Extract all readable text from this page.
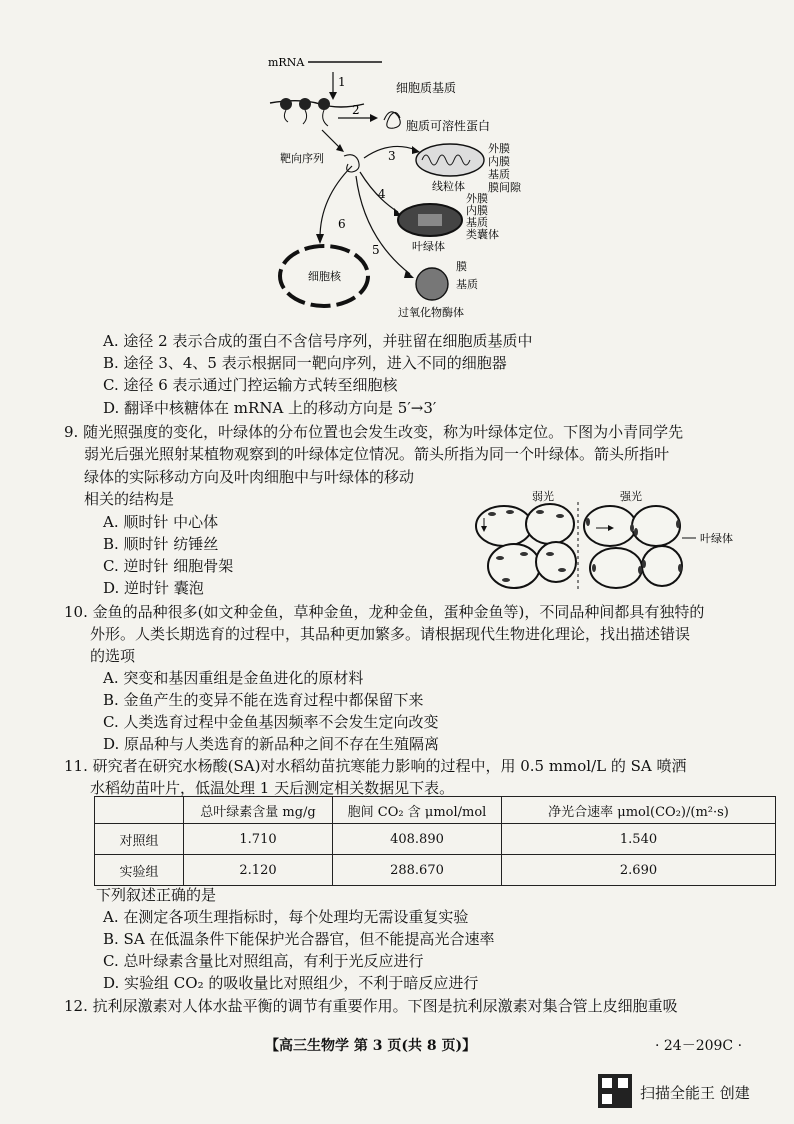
mRNA
1	细胞质基质
2
胞质可溶性蛋白
靶向序列	3
线粒体
外膜
内膜
基质
膜间隙
4
叶绿体
外膜
内膜
基质
类囊体
5
膜
基质
过氧化物酶体
6
细胞核
A. 途径 2 表示合成的蛋白不含信号序列，并驻留在细胞质基质中
B. 途径 3、4、5 表示根据同一靶向序列，进入不同的细胞器
C. 途径 6 表示通过门控运输方式转至细胞核
D. 翻译中核糖体在 mRNA 上的移动方向是 5′→3′
9. 随光照强度的变化，叶绿体的分布位置也会发生改变，称为叶绿体定位。下图为小青同学先
弱光后强光照射某植物观察到的叶绿体定位情况。箭头所指为同一个叶绿体。箭头所指叶
绿体的实际移动方向及叶肉细胞中与叶绿体的移动
相关的结构是
A. 顺时针 中心体
B. 顺时针 纺锤丝
C. 逆时针 细胞骨架
D. 逆时针 囊泡
弱光	强光
叶绿体
10. 金鱼的品种很多(如文种金鱼，草种金鱼，龙种金鱼，蛋种金鱼等)，不同品种间都具有独特的
外形。人类长期选育的过程中，其品种更加繁多。请根据现代生物进化理论，找出描述错误
的选项
A. 突变和基因重组是金鱼进化的原材料
B. 金鱼产生的变异不能在选育过程中都保留下来
C. 人类选育过程中金鱼基因频率不会发生定向改变
D. 原品种与人类选育的新品种之间不存在生殖隔离
11. 研究者在研究水杨酸(SA)对水稻幼苗抗寒能力影响的过程中，用 0.5 mmol/L 的 SA 喷洒
水稻幼苗叶片，低温处理 1 天后测定相关数据见下表。
	总叶绿素含量 mg/g	胞间 CO₂ 含 μmol/mol	净光合速率 μmol(CO₂)/(m²·s)
对照组	1.710	408.890	1.540
实验组	2.120	288.670	2.690
下列叙述正确的是
A. 在测定各项生理指标时，每个处理均无需设重复实验
B. SA 在低温条件下能保护光合器官，但不能提高光合速率
C. 总叶绿素含量比对照组高，有利于光反应进行
D. 实验组 CO₂ 的吸收量比对照组少，不利于暗反应进行
12. 抗利尿激素对人体水盐平衡的调节有重要作用。下图是抗利尿激素对集合管上皮细胞重吸
【高三生物学 第 3 页(共 8 页)】	· 24－209C ·
扫描全能王 创建
